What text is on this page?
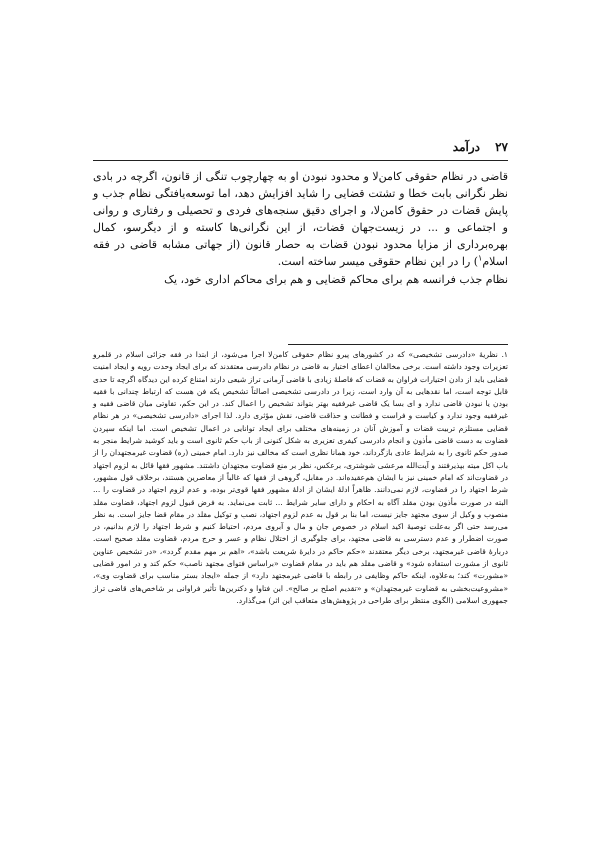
۲۷
درآمد

قاضی در نظام حقوقی کامن‌لا و محدود نبودن او به چهارچوب تنگی از قانون، اگرچه در بادی نظر نگرانی بابت خطا و تشتت قضایی را شاید افزایش دهد، اما توسعه‌یافتگی نظام جذب و پایش قضات در حقوق کامن‌لا، و اجرای دقیق سنجه‌های فردی و تحصیلی و رفتاری و روانی و اجتماعی و ... در زیست‌جهان قضات، از این نگرانی‌ها کاسته و از دیگرسو، کمال بهره‌برداری از مزایا محدود نبودن قضات به حصار قانون (از جهاتی مشابه قاضی در فقه اسلام$^۱$) را در این نظام حقوقی میسر ساخته است.

نظام جذب فرانسه هم برای محاکم قضایی و هم برای محاکم اداری خود، یک

۱. نظریهٔ «دادرسی تشخیصی» که در کشورهای پیرو نظام حقوقی کامن‌لا اجرا می‌شود، از ابتدا در فقه جزائی اسلام در قلمرو تعزیرات وجود داشته است. برخی مخالفان اعطای اختیار به قاضی در نظام دادرسی معتقدند که برای ایجاد وحدت رویه و ایجاد امنیت قضایی باید از دادن اختیارات فراوان به قضات که فاصلهٔ زیادی با قاضی آرمانی تراز شیعی دارند امتناع کرده این دیدگاه اگرچه تا حدی قابل توجه است، اما نقدهایی به آن وارد است، زیرا در دادرسی تشخیصی اصالتاً تشخیص یکه فن هست که ارتباط چندانی با فقیه بودن یا نبودن قاضی ندارد و ای بسا یک قاضی غیرفقیه بهتر بتواند تشخیص را اعمال کند. در این حکم، تفاوتی میان قاضی فقیه و غیرفقیه وجود ندارد و کیاست و فراست و فطانت و حذاقت قاضی، نقش مؤثری دارد. لذا اجرای «دادرسی تشخیصی» در هر نظام قضایی مستلزم تربیت قضات و آموزش آنان در زمینه‌های مختلف برای ایجاد توانایی در اعمال تشخیص است. اما اینکه سپردن قضاوت به دست قاضی مأذون و انجام دادرسی کیفری تعزیری به شکل کنونی از باب حکم ثانوی است و باید کوشید شرایط منجر به صدور حکم ثانوی را به شرایط عادی بازگرداند، خود همانا نظری است که مخالف نیز دارد. امام خمینی (ره) قضاوت غیرمجتهدان را از باب اکل میته بپذیرفتند و آیت‌الله مرعشی شوشتری، برعکس، نظر بر منع قضاوت مجتهدان داشتند. مشهور فقها قائل به لزوم اجتهاد در قضاوت‌اند که امام خمینی نیز با ایشان هم‌عقیده‌اند. در مقابل، گروهی از فقها که غالباً از معاصرین هستند، برخلاف قول مشهور، شرط اجتهاد را در قضاوت، لازم نمی‌دانند. ظاهراً ادلهٔ ایشان از ادلهٔ مشهور فقها قوی‌تر بوده، و عدم لزوم اجتهاد در قضاوت را ... البته در صورت مأذون بودن مقلد آگاه به احکام و دارای سایر شرایط ... ثابت می‌نماید. به فرض قبول لزوم اجتهاد، قضاوت مقلد منصوب و وکیل از سوی مجتهد جایز نیست، اما بنا بر قول به عدم لزوم اجتهاد، نصب و توکیل مقلد در مقام قضا جایز است. به نظر می‌رسد حتی اگر به‌علت توصیهٔ اکید اسلام در خصوص جان و مال و آبروی مردم، احتیاط کنیم و شرط اجتهاد را لازم بدانیم، در صورت اضطرار و عدم دسترسی به قاضی مجتهد، برای جلوگیری از اختلال نظام و عسر و حرج مردم، قضاوت مقلد صحیح است. دربارهٔ قاضی غیرمجتهد، برخی دیگر معتقدند «حکم حاکم در دایرهٔ شریعت باشد»، «اهم بر مهم مقدم گردد»، «در تشخیص عناوین ثانوی از مشورت استفاده شود» و قاضی مقلد هم باید در مقام قضاوت «براساس فتوای مجتهد ناصب» حکم کند و در امور قضایی «مشورت» کند؛ به‌علاوه، اینکه حاکم وظایفی در رابطه با قاضی غیرمجتهد دارد» از جمله «ایجاد بستر مناسب برای قضاوت وی»، «مشروعیت‌بخشی به قضاوت غیرمجتهدان» و «تقدیم اصلح بر صالح». این فتاوا و دکترین‌ها تأثیر فراوانی بر شاخص‌های قاضی تراز جمهوری اسلامی (الگوی منتظر برای طراحی در پژوهش‌های متعاقب این اثر) می‌گذارد.
